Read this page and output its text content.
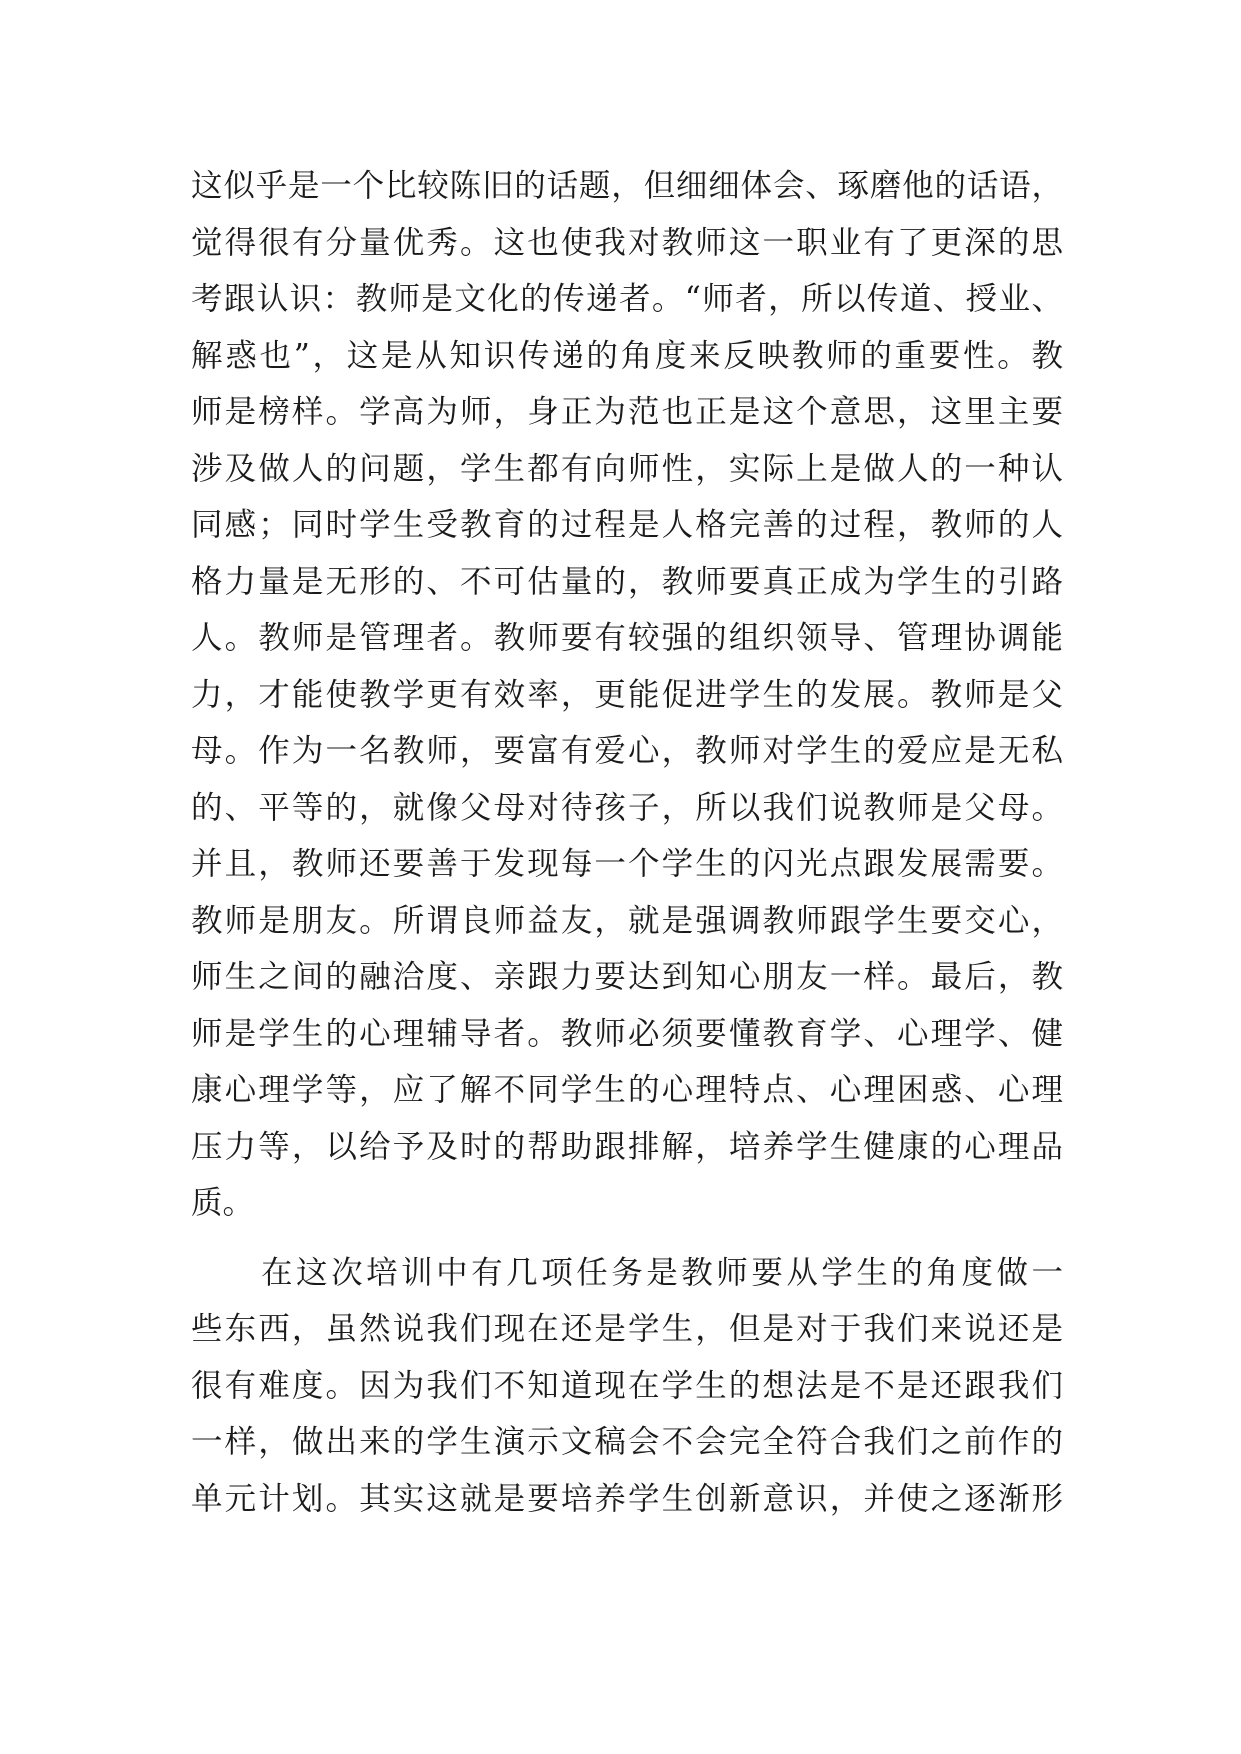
这似乎是一个比较陈旧的话题，但细细体会、琢磨他的话语，
觉得很有分量优秀。这也使我对教师这一职业有了更深的思
考跟认识：教师是文化的传递者。“师者，所以传道、授业、
解惑也”，这是从知识传递的角度来反映教师的重要性。教
师是榜样。学高为师，身正为范也正是这个意思，这里主要
涉及做人的问题，学生都有向师性，实际上是做人的一种认
同感；同时学生受教育的过程是人格完善的过程，教师的人
格力量是无形的、不可估量的，教师要真正成为学生的引路
人。教师是管理者。教师要有较强的组织领导、管理协调能
力，才能使教学更有效率，更能促进学生的发展。教师是父
母。作为一名教师，要富有爱心，教师对学生的爱应是无私
的、平等的，就像父母对待孩子，所以我们说教师是父母。
并且，教师还要善于发现每一个学生的闪光点跟发展需要。
教师是朋友。所谓良师益友，就是强调教师跟学生要交心，
师生之间的融洽度、亲跟力要达到知心朋友一样。最后，教
师是学生的心理辅导者。教师必须要懂教育学、心理学、健
康心理学等，应了解不同学生的心理特点、心理困惑、心理
压力等，以给予及时的帮助跟排解，培养学生健康的心理品
质。
　　在这次培训中有几项任务是教师要从学生的角度做一
些东西，虽然说我们现在还是学生，但是对于我们来说还是
很有难度。因为我们不知道现在学生的想法是不是还跟我们
一样，做出来的学生演示文稿会不会完全符合我们之前作的
单元计划。其实这就是要培养学生创新意识，并使之逐渐形
